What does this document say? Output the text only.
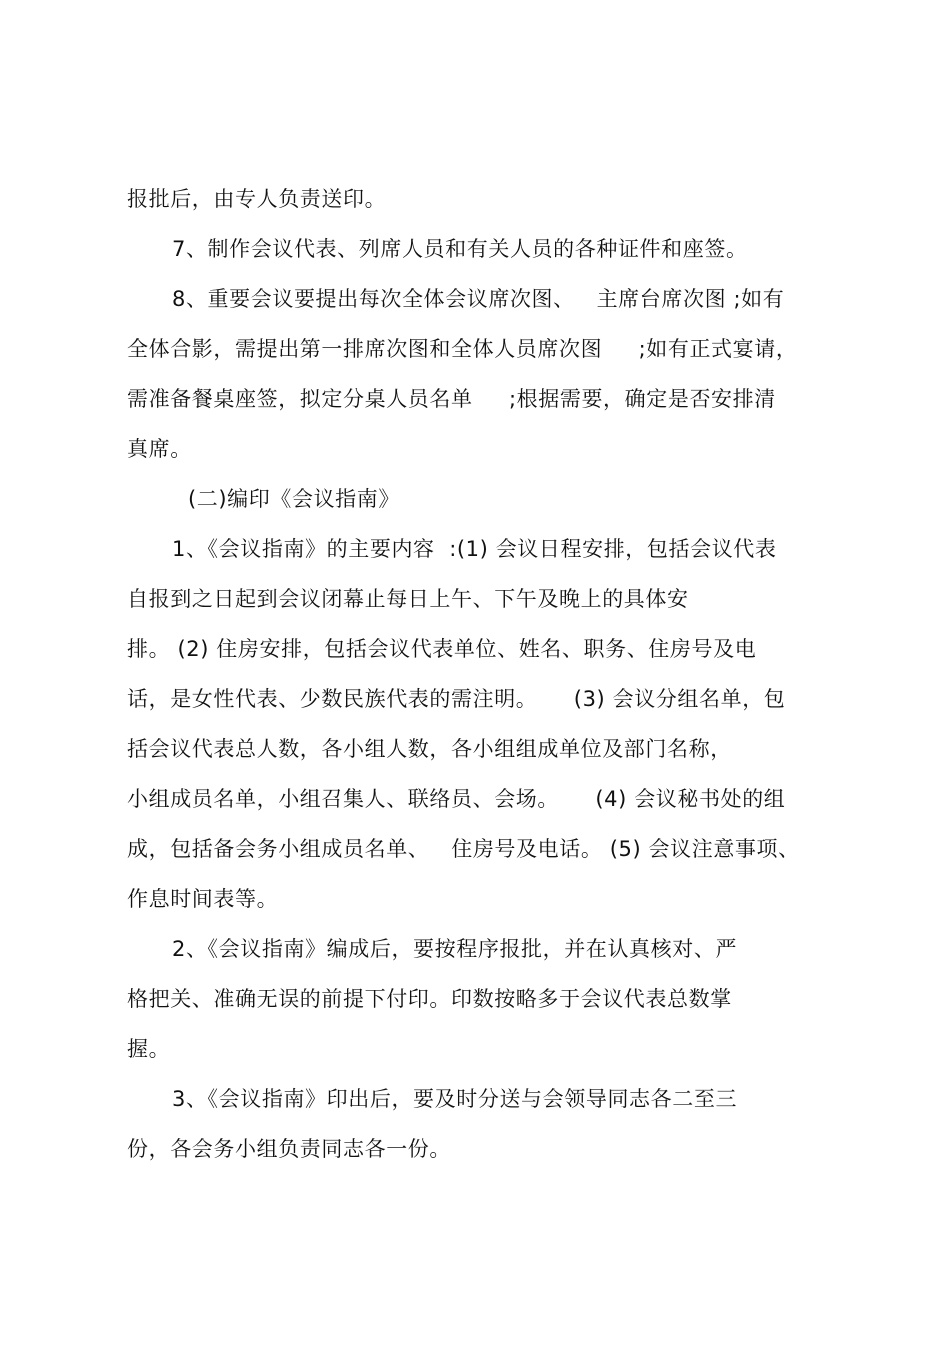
报批后，由专人负责送印。
7、制作会议代表、列席人员和有关人员的各种证件和座签。
8、重要会议要提出每次全体会议席次图、   主席台席次图 ;如有
全体合影，需提出第一排席次图和全体人员席次图     ;如有正式宴请，
需准备餐桌座签，拟定分桌人员名单     ;根据需要，确定是否安排清
真席。
(二)编印《会议指南》
1、《会议指南》的主要内容  :(1) 会议日程安排，包括会议代表
自报到之日起到会议闭幕止每日上午、下午及晚上的具体安
排。 (2) 住房安排，包括会议代表单位、姓名、职务、住房号及电
话，是女性代表、少数民族代表的需注明。     (3) 会议分组名单，包
括会议代表总人数，各小组人数，各小组组成单位及部门名称，
小组成员名单，小组召集人、联络员、会场。     (4) 会议秘书处的组
成，包括备会务小组成员名单、   住房号及电话。 (5) 会议注意事项、
作息时间表等。
2、《会议指南》编成后，要按程序报批，并在认真核对、严
格把关、准确无误的前提下付印。印数按略多于会议代表总数掌
握。
3、《会议指南》印出后，要及时分送与会领导同志各二至三
份，各会务小组负责同志各一份。
